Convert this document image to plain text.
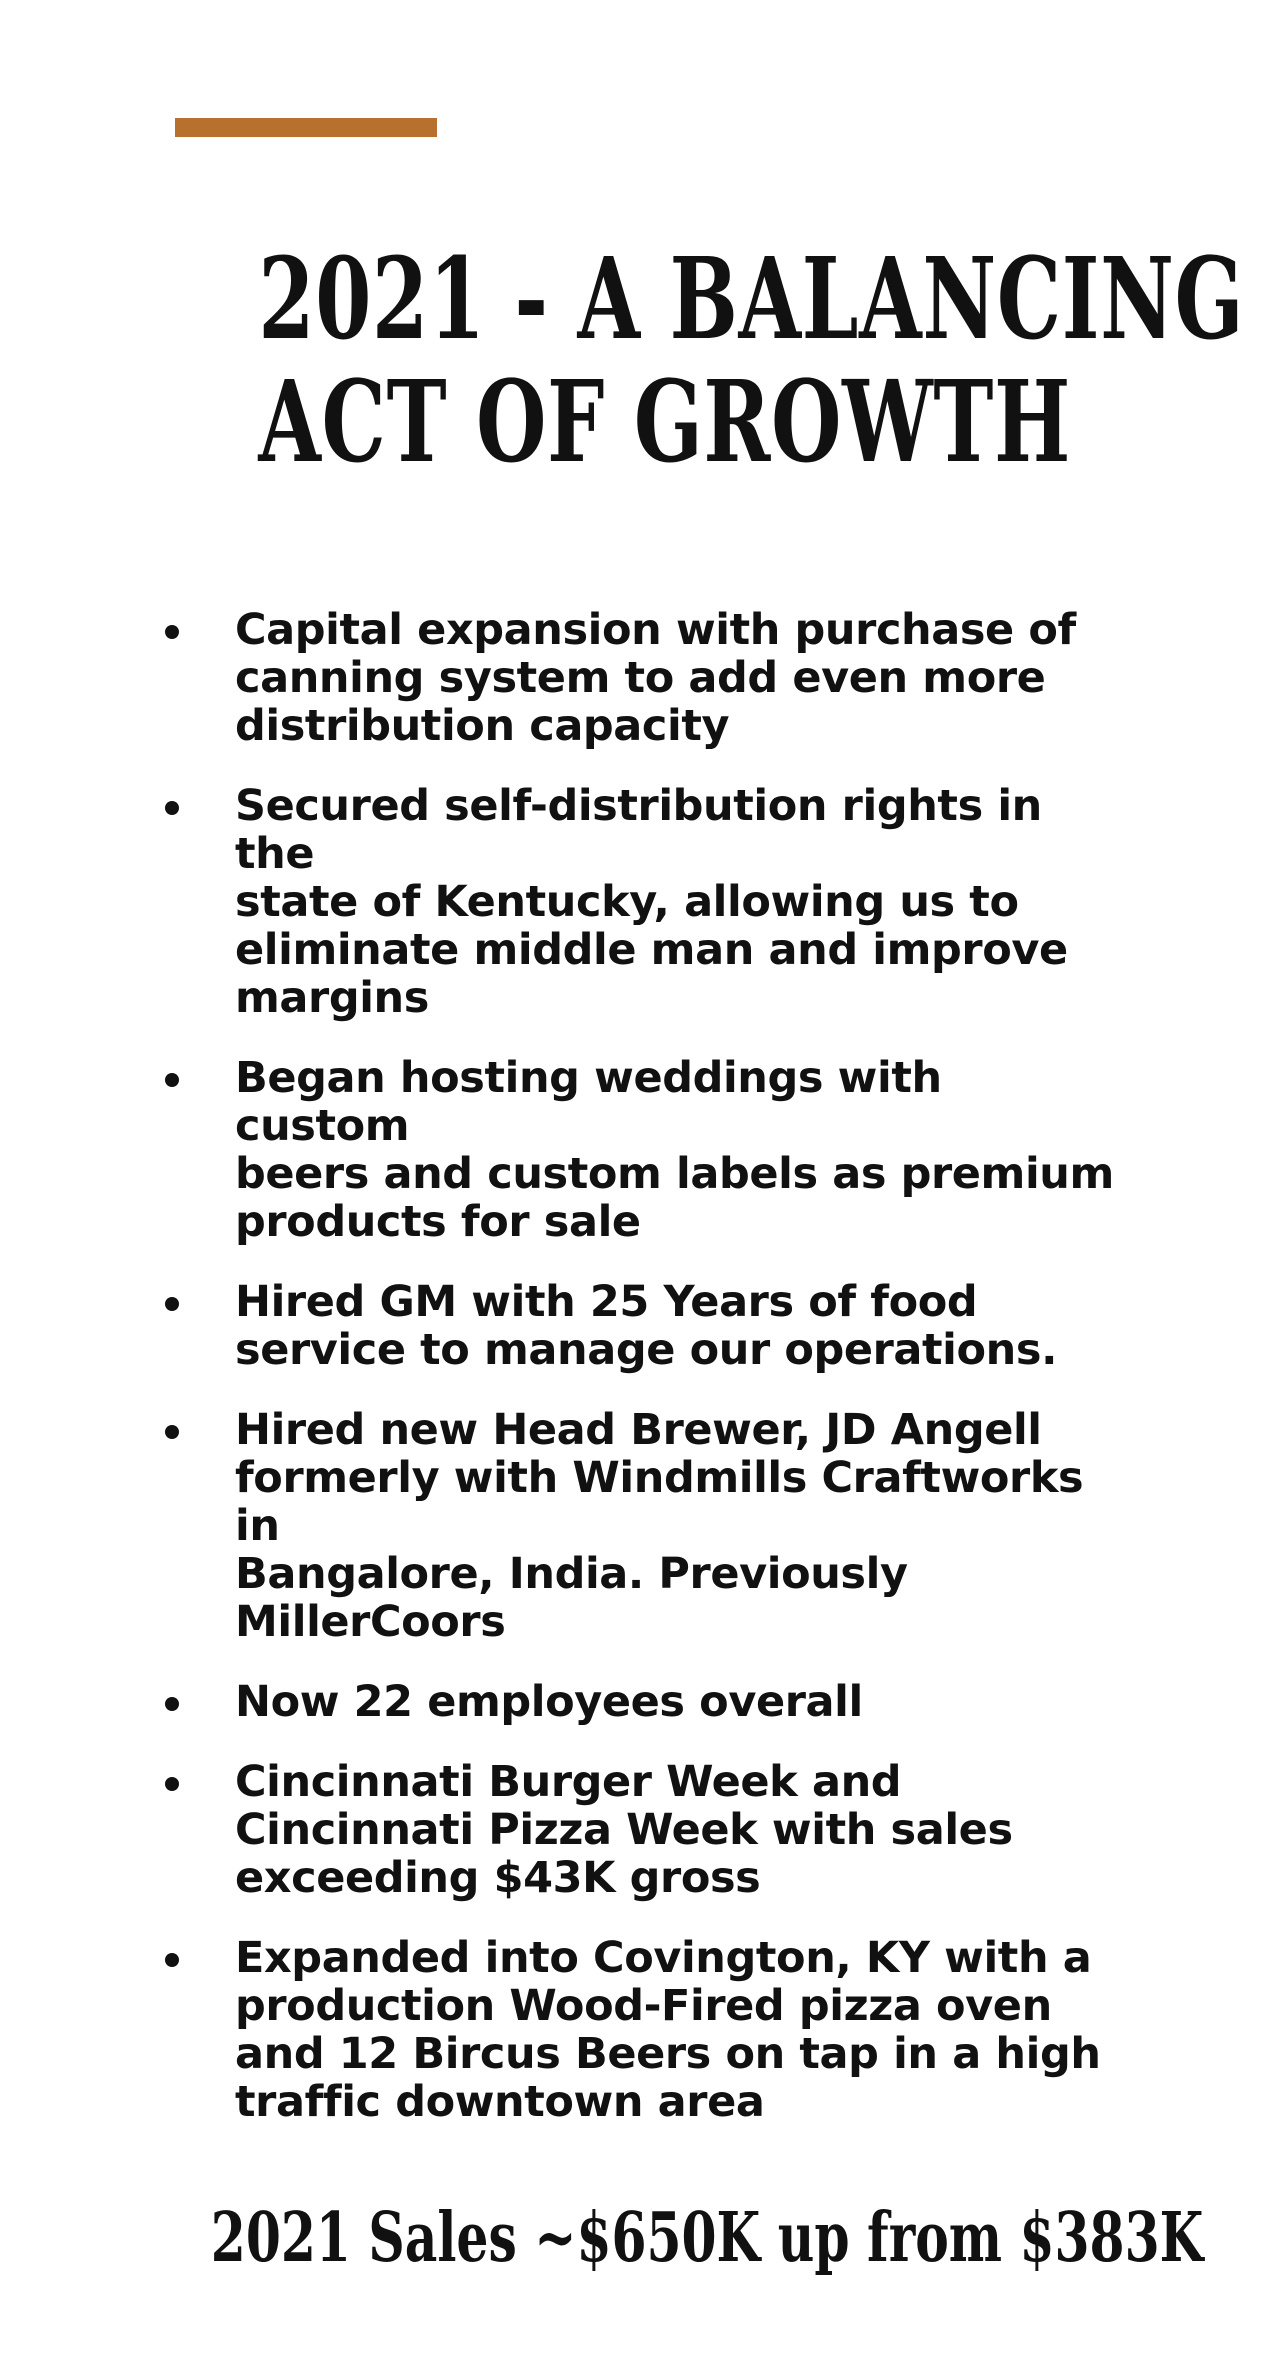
2021 - A BALANCING
ACT OF GROWTH
Capital expansion with purchase of
canning system to add even more
distribution capacity
Secured self-distribution rights in the
state of Kentucky, allowing us to
eliminate middle man and improve
margins
Began hosting weddings with custom
beers and custom labels as premium
products for sale
Hired GM with 25 Years of food
service to manage our operations.
Hired new Head Brewer, JD Angell
formerly with Windmills Craftworks in
Bangalore, India. Previously
MillerCoors
Now 22 employees overall
Cincinnati Burger Week and
Cincinnati Pizza Week with sales
exceeding $43K gross
Expanded into Covington, KY with a
production Wood-Fired pizza oven
and 12 Bircus Beers on tap in a high
traffic downtown area

2021 Sales ~$650K up from $383K
